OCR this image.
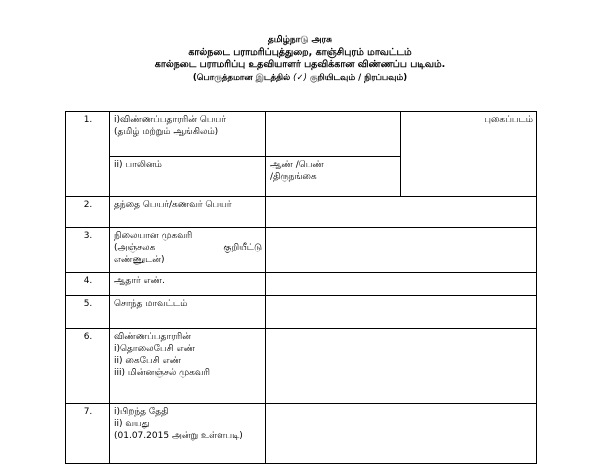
தமிழ்நாடு அரசு
கால்நடை பராமரிப்புத்துறை, காஞ்சிபுரம் மாவட்டம்
கால்நடை பராமரிப்பு உதவியாளர் பதவிக்கான விண்ணப்ப படிவம்.
(பொருத்தமான இடத்தில் (✓) குறியிடவும் / நிரப்பவும்)
1.	i)விண்ணப்பதாரரின் பெயர்
(தமிழ் மற்றும் ஆங்கிலம்)		புகைப்படம்
	ii) பாலினம்	ஆண் /பெண்
/திருநங்கை	

2.	தந்தை பெயர்/கணவர் பெயர்		
3.	நிலையான முகவரி
(அஞ்சலக குறியீட்டு
எண்ணுடன்)		

4.	ஆதார் எண்.		
5.	சொந்த மாவட்டம்		
6.	விண்ணப்பதாரரின்
i)தொலைபேசி எண்
ii) கைபேசி எண்
iii) மின்னஞ்சல் முகவரி		

7.	i)பிறந்த தேதி
ii) வயது
(01.07.2015 அன்று உள்ளபடி)		
